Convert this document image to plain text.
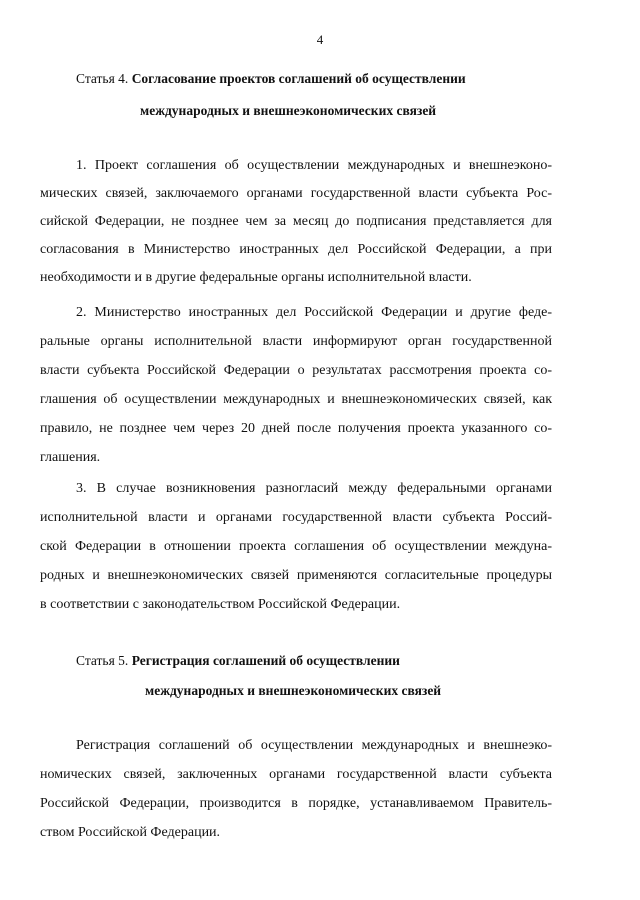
4
Статья 4. Согласование проектов соглашений об осуществлении
международных и внешнеэкономических связей
1. Проект соглашения об осуществлении международных и внешнеэконо-
мических связей, заключаемого органами государственной власти субъекта Рос-
сийской Федерации, не позднее чем за месяц до подписания представляется для
согласования в Министерство иностранных дел Российской Федерации, а при
необходимости и в другие федеральные органы исполнительной власти.
2. Министерство иностранных дел Российской Федерации и другие феде-
ральные органы исполнительной власти информируют орган государственной
власти субъекта Российской Федерации о результатах рассмотрения проекта со-
глашения об осуществлении международных и внешнеэкономических связей, как
правило, не позднее чем через 20 дней после получения проекта указанного со-
глашения.
3. В случае возникновения разногласий между федеральными органами
исполнительной власти и органами государственной власти субъекта Россий-
ской Федерации в отношении проекта соглашения об осуществлении междуна-
родных и внешнеэкономических связей применяются согласительные процедуры
в соответствии с законодательством Российской Федерации.
Статья 5. Регистрация соглашений об осуществлении
международных и внешнеэкономических связей
Регистрация соглашений об осуществлении международных и внешнеэко-
номических связей, заключенных органами государственной власти субъекта
Российской Федерации, производится в порядке, устанавливаемом Правитель-
ством Российской Федерации.
